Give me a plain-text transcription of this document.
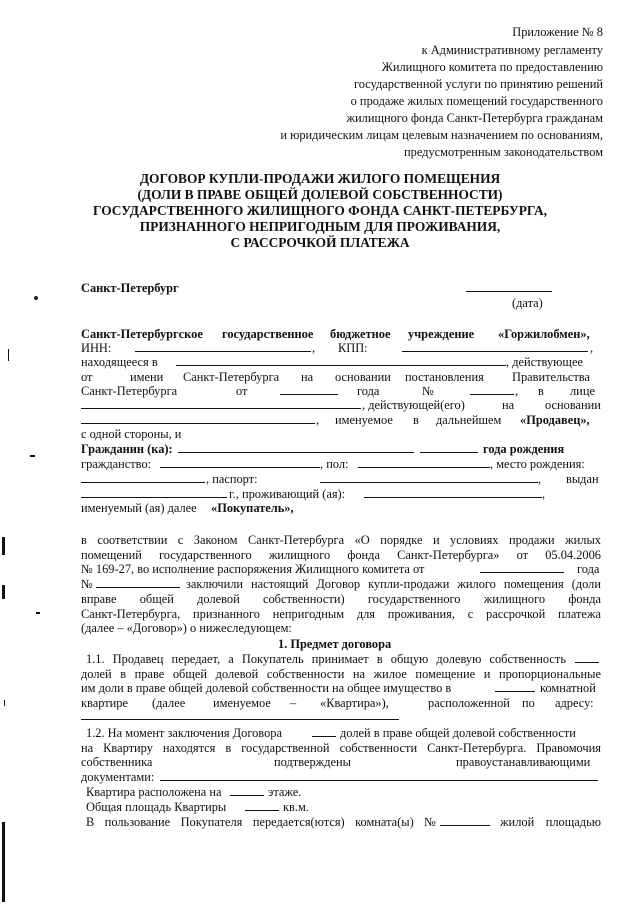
Приложение № 8
к Административному регламенту
Жилищного комитета по предоставлению
государственной услуги по принятию решений
о продаже жилых помещений государственного
жилищного фонда Санкт-Петербурга гражданам
и юридическим лицам целевым назначением по основаниям,
предусмотренным законодательством
ДОГОВОР КУПЛИ-ПРОДАЖИ ЖИЛОГО ПОМЕЩЕНИЯ
(ДОЛИ В ПРАВЕ ОБЩЕЙ ДОЛЕВОЙ СОБСТВЕННОСТИ)
ГОСУДАРСТВЕННОГО ЖИЛИЩНОГО ФОНДА САНКТ-ПЕТЕРБУРГА,
ПРИЗНАННОГО НЕПРИГОДНЫМ ДЛЯ ПРОЖИВАНИЯ,
С РАССРОЧКОЙ ПЛАТЕЖА
Санкт-Петербург
(дата)
Санкт-Петербургское государственное бюджетное учреждение «Горжилобмен»,
ИНН:	, КПП:	,
находящееся в	, действующее
от	имени Санкт-Петербурга на основании постановления Правительства
Санкт-Петербурга	от	года	№	, в лице
, действующей(его)	на основании
, именуемое в дальнейшем «Продавец»,
с одной стороны, и
Гражданин (ка):	года рождения
гражданство:	, пол:	, место рождения:
, паспорт:	, выдан
г., проживающий (ая):	,
именуемый (ая) далее «Покупатель»,
в соответствии с Законом Санкт-Петербурга «О порядке и условиях продажи жилых
помещений государственного жилищного фонда Санкт-Петербурга» от 05.04.2006
№ 169-27, во исполнение распоряжения Жилищного комитета от	года
№	заключили настоящий Договор купли-продажи жилого помещения (доли
вправе общей долевой собственности) государственного жилищного фонда
Санкт-Петербурга, признанного непригодным для проживания, с рассрочкой платежа
(далее – «Договор») о нижеследующем:
1. Предмет договора
1.1. Продавец передает, а Покупатель принимает в общую долевую собственность
долей в праве общей долевой собственности на жилое помещение и пропорциональные
им доли в праве общей долевой собственности на общее имущество в	комнатной
квартире (далее именуемое – «Квартира»),	расположенной по адресу:
1.2. На момент заключения Договора	долей в праве общей долевой собственности
на Квартиру находятся в государственной собственности Санкт-Петербурга. Правомочия
собственника	подтверждены	правоустанавливающими
документами:
Квартира расположена на	этаже.
Общая площадь Квартиры	кв.м.
В пользование Покупателя передается(ются) комната(ы) №	жилой площадью
